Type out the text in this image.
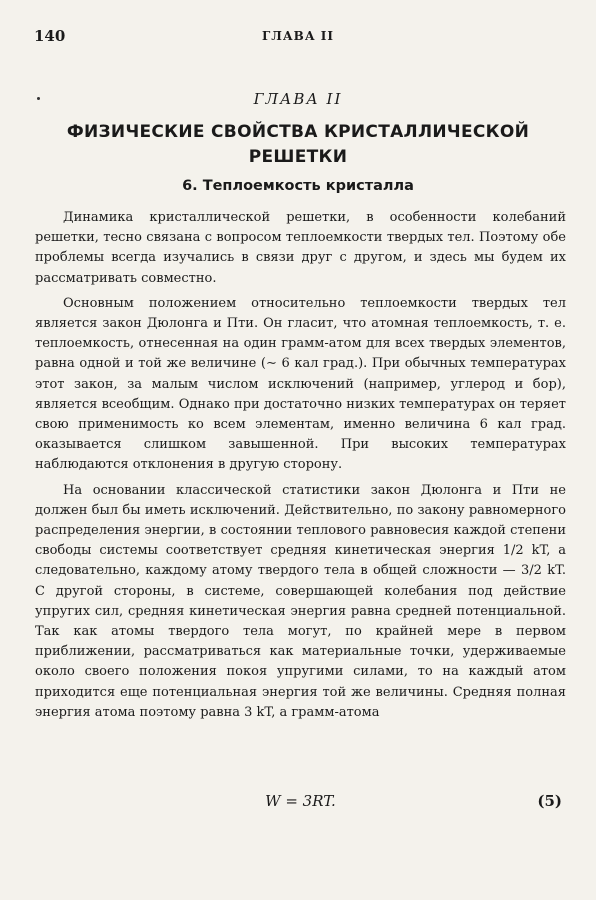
140	ГЛАВА II
ГЛАВА II
ФИЗИЧЕСКИЕ СВОЙСТВА КРИСТАЛЛИЧЕСКОЙ РЕШЕТКИ
6. Теплоемкость кристалла

Динамика кристаллической решетки, в особенности колебаний решетки, тесно связана с вопросом теплоемкости твердых тел. Поэтому обе проблемы всегда изучались в связи друг с другом, и здесь мы будем их рассматривать совместно.

Основным положением относительно теплоемкости твердых тел является закон Дюлонга и Пти. Он гласит, что атомная теплоемкость, т. е. теплоемкость, отнесенная на один грамм-атом для всех твердых элементов, равна одной и той же величине (∼ 6 кал град.). При обычных температурах этот закон, за малым числом исключений (например, углерод и бор), является всеобщим. Однако при достаточно низких температурах он теряет свою применимость ко всем элементам, именно величина 6 кал град. оказывается слишком завышенной. При высоких температурах наблюдаются отклонения в другую сторону.

На основании классической статистики закон Дюлонга и Пти не должен был бы иметь исключений. Действительно, по закону равномерного распределения энергии, в состоянии теплового равновесия каждой степени свободы системы соответствует средняя кинетическая энергия 1/2 kT, а следовательно, каждому атому твердого тела в общей сложности — 3/2 kT. С другой стороны, в системе, совершающей колебания под действие упругих сил, средняя кинетическая энергия равна средней потенциальной. Так как атомы твердого тела могут, по крайней мере в первом приближении, рассматриваться как материальные точки, удерживаемые около своего положения покоя упругими силами, то на каждый атом приходится еще потенциальная энергия той же величины. Средняя полная энергия атома поэтому равна 3 kT, а грамм-атома

W = 3RT.	(5)
